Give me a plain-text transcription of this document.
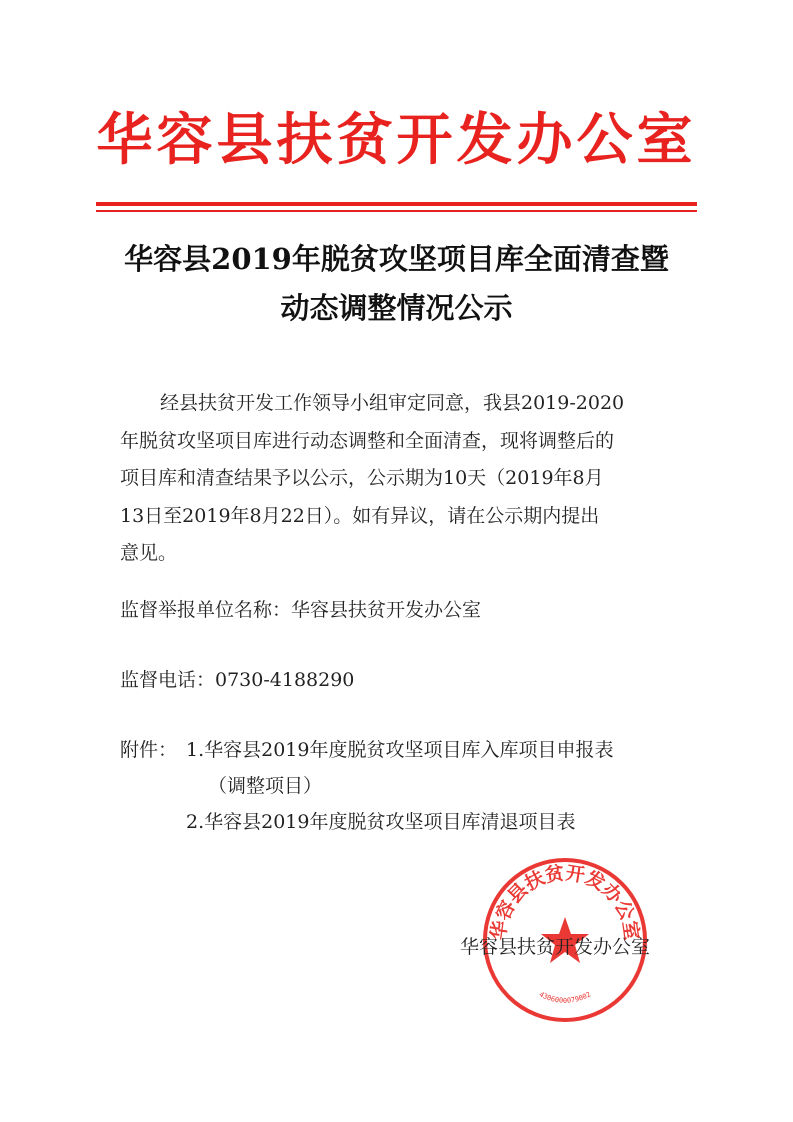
华容县扶贫开发办公室
华容县2019年脱贫攻坚项目库全面清查暨
动态调整情况公示
经县扶贫开发工作领导小组审定同意，我县2019-2020
年脱贫攻坚项目库进行动态调整和全面清查，现将调整后的
项目库和清查结果予以公示，公示期为10天（2019年8月
13日至2019年8月22日）。如有异议，请在公示期内提出
意见。
监督举报单位名称：华容县扶贫开发办公室
监督电话：0730-4188290
附件： 1.华容县2019年度脱贫攻坚项目库入库项目申报表
（调整项目）
2.华容县2019年度脱贫攻坚项目库清退项目表
华容县扶贫开发办公室
4306000079002
华容县扶贫开发办公室
